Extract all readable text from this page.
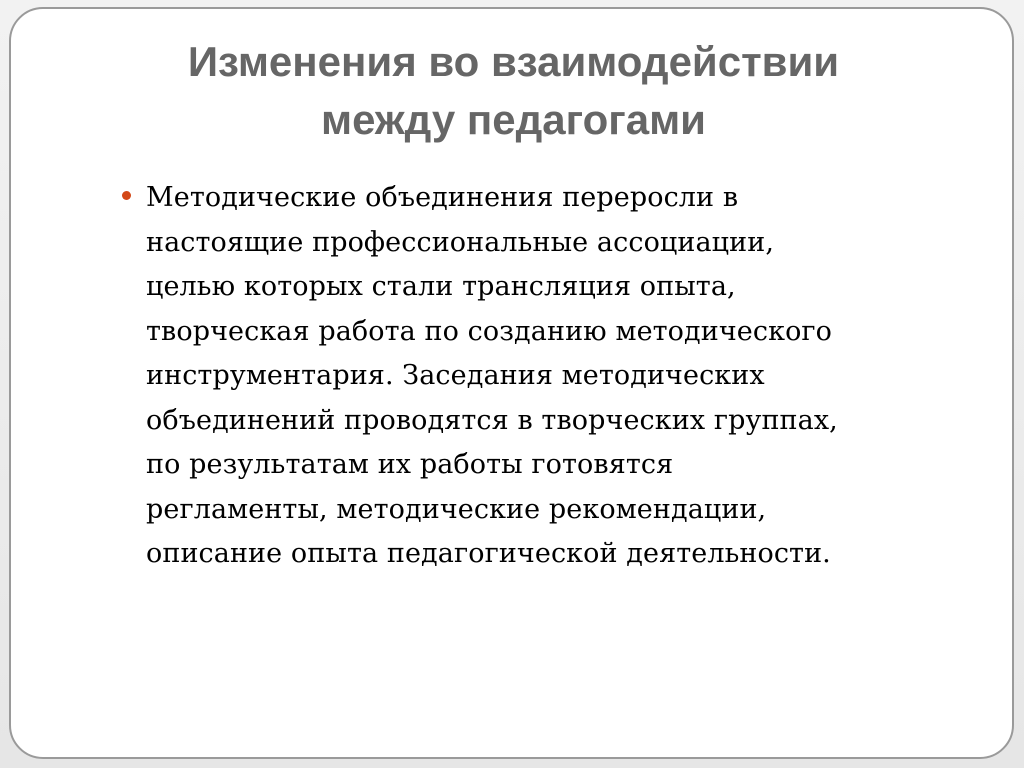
Изменения во взаимодействии
между педагогами
Методические объединения переросли в
настоящие профессиональные ассоциации,
целью которых стали трансляция опыта,
творческая работа по созданию методического
инструментария. Заседания методических
объединений проводятся в творческих группах,
по результатам их работы готовятся
регламенты, методические рекомендации,
описание опыта педагогической деятельности.
